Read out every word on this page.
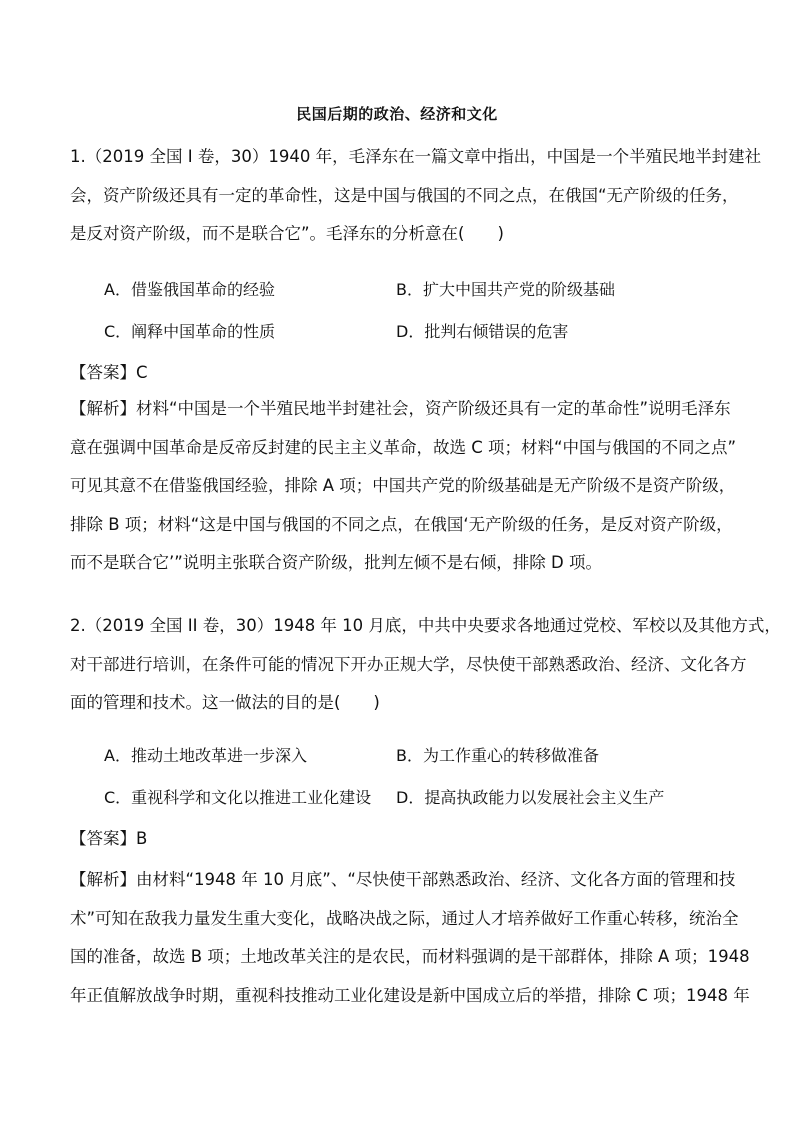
民国后期的政治、经济和文化
1.（2019 全国 I 卷，30）1940 年，毛泽东在一篇文章中指出，中国是一个半殖民地半封建社
会，资产阶级还具有一定的革命性，这是中国与俄国的不同之点，在俄国“无产阶级的任务，
是反对资产阶级，而不是联合它”。毛泽东的分析意在(　　)
A．借鉴俄国革命的经验	B．扩大中国共产党的阶级基础
C．阐释中国革命的性质	D．批判右倾错误的危害
【答案】C
【解析】材料“中国是一个半殖民地半封建社会，资产阶级还具有一定的革命性”说明毛泽东
意在强调中国革命是反帝反封建的民主主义革命，故选 C 项；材料“中国与俄国的不同之点”
可见其意不在借鉴俄国经验，排除 A 项；中国共产党的阶级基础是无产阶级不是资产阶级，
排除 B 项；材料“这是中国与俄国的不同之点，在俄国‘无产阶级的任务，是反对资产阶级，
而不是联合它’”说明主张联合资产阶级，批判左倾不是右倾，排除 D 项。
2.（2019 全国 II 卷，30）1948 年 10 月底，中共中央要求各地通过党校、军校以及其他方式，
对干部进行培训，在条件可能的情况下开办正规大学，尽快使干部熟悉政治、经济、文化各方
面的管理和技术。这一做法的目的是(　　)
A．推动土地改革进一步深入	B．为工作重心的转移做准备
C．重视科学和文化以推进工业化建设 D．提高执政能力以发展社会主义生产
【答案】B
【解析】由材料“1948 年 10 月底”、“尽快使干部熟悉政治、经济、文化各方面的管理和技
术”可知在敌我力量发生重大变化，战略决战之际，通过人才培养做好工作重心转移，统治全
国的准备，故选 B 项；土地改革关注的是农民，而材料强调的是干部群体，排除 A 项；1948
年正值解放战争时期，重视科技推动工业化建设是新中国成立后的举措，排除 C 项；1948 年
